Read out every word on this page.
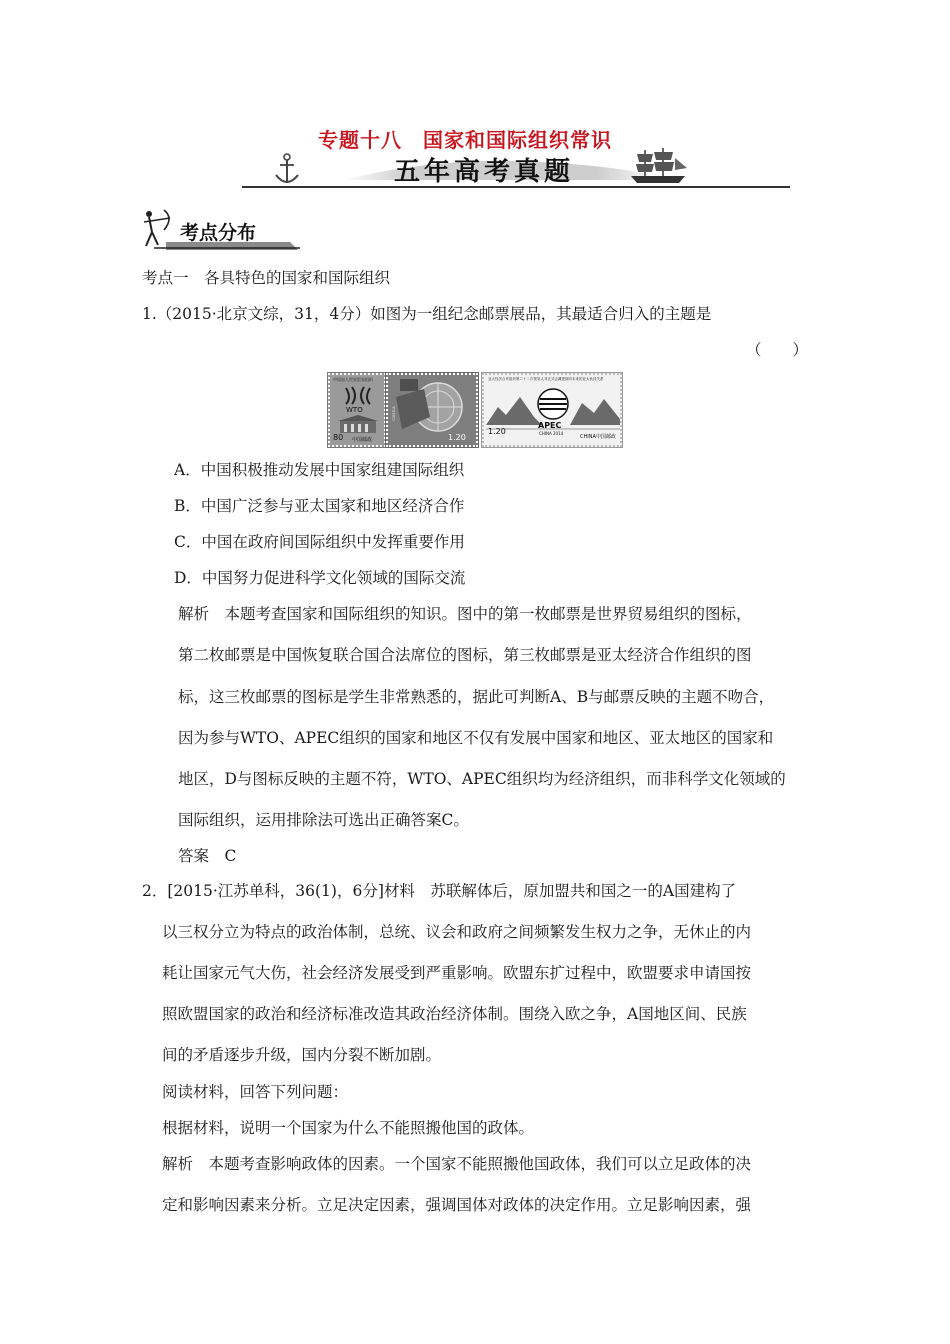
专题十八　国家和国际组织常识
五年高考真题
考点分布
考点一　各具特色的国家和国际组织
1.（2015·北京文综，31，4分）如图为一组纪念邮票展品，其最适合归入的主题是
（　　）
中国加入世界贸易组织
WTO
80 中国邮政	1.20
CHINA
亚太经济合作组织第二十二次领导人非正式会议
共建面向未来的亚太伙伴关系
APEC
CHINA 2014
1.20
CHINA中国邮政
A．中国积极推动发展中国家组建国际组织
B．中国广泛参与亚太国家和地区经济合作
C．中国在政府间国际组织中发挥重要作用
D．中国努力促进科学文化领域的国际交流
解析　本题考查国家和国际组织的知识。图中的第一枚邮票是世界贸易组织的图标，
第二枚邮票是中国恢复联合国合法席位的图标，第三枚邮票是亚太经济合作组织的图
标，这三枚邮票的图标是学生非常熟悉的，据此可判断A、B与邮票反映的主题不吻合，
因为参与WTO、APEC组织的国家和地区不仅有发展中国家和地区、亚太地区的国家和
地区，D与图标反映的主题不符，WTO、APEC组织均为经济组织，而非科学文化领域的
国际组织，运用排除法可选出正确答案C。
答案　C
2．[2015·江苏单科，36(1)，6分]材料　苏联解体后，原加盟共和国之一的A国建构了
以三权分立为特点的政治体制，总统、议会和政府之间频繁发生权力之争，无休止的内
耗让国家元气大伤，社会经济发展受到严重影响。欧盟东扩过程中，欧盟要求申请国按
照欧盟国家的政治和经济标准改造其政治经济体制。围绕入欧之争，A国地区间、民族
间的矛盾逐步升级，国内分裂不断加剧。
阅读材料，回答下列问题：
根据材料，说明一个国家为什么不能照搬他国的政体。
解析　本题考查影响政体的因素。一个国家不能照搬他国政体，我们可以立足政体的决
定和影响因素来分析。立足决定因素，强调国体对政体的决定作用。立足影响因素，强
